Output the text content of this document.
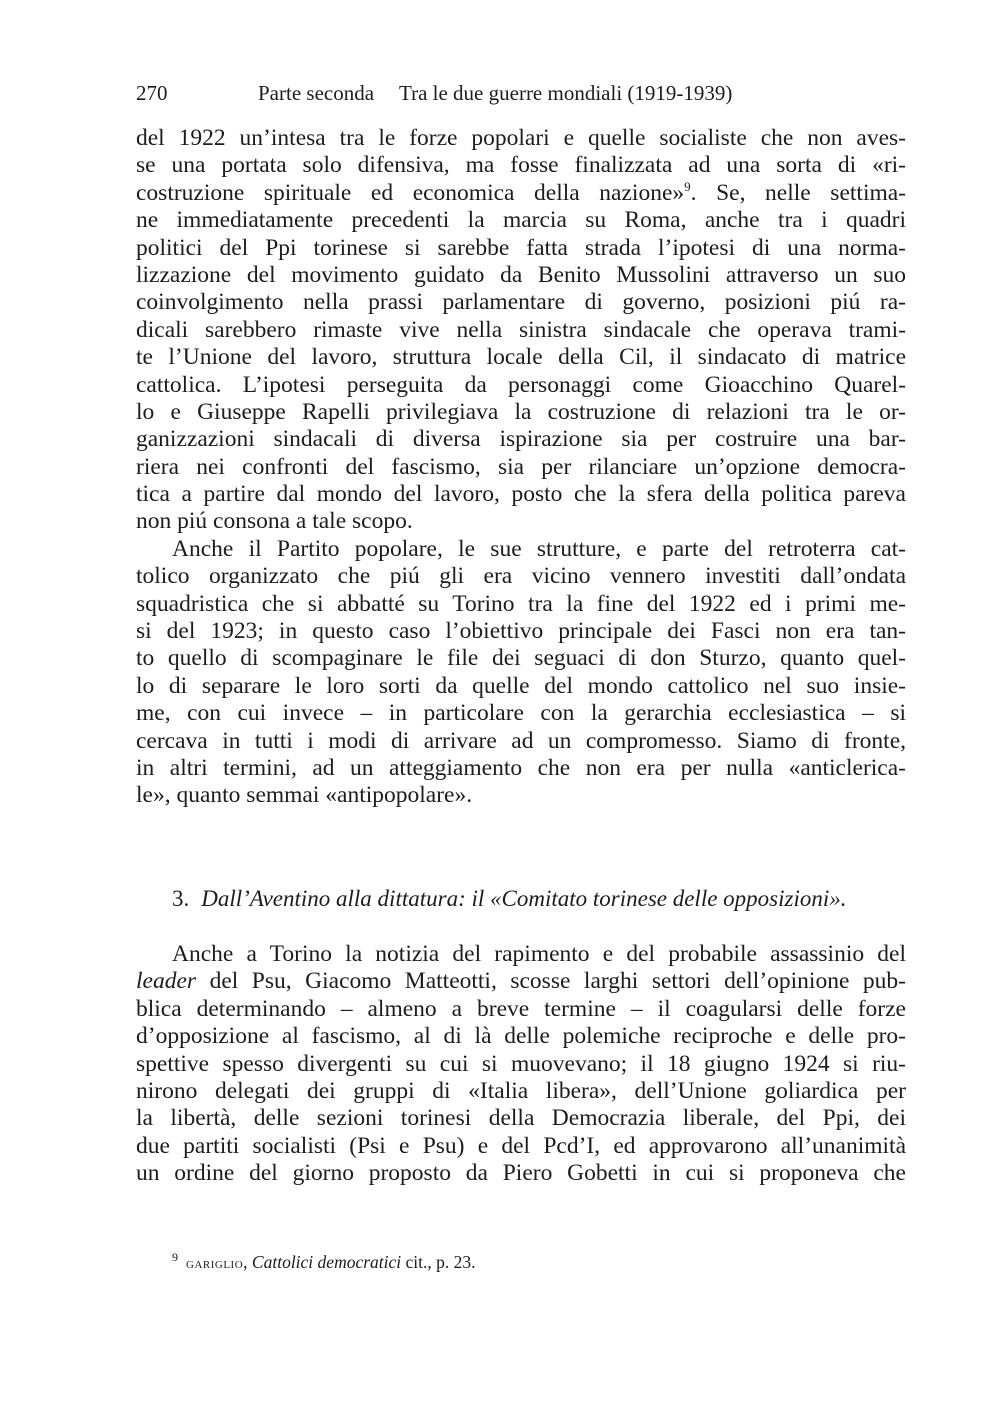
270	Parte seconda Tra le due guerre mondiali (1919-1939)
del 1922 un’intesa tra le forze popolari e quelle socialiste che non aves-
se una portata solo difensiva, ma fosse finalizzata ad una sorta di «ri-
costruzione spirituale ed economica della nazione»$^9$. Se, nelle settima-
ne immediatamente precedenti la marcia su Roma, anche tra i quadri
politici del Ppi torinese si sarebbe fatta strada l’ipotesi di una norma-
lizzazione del movimento guidato da Benito Mussolini attraverso un suo
coinvolgimento nella prassi parlamentare di governo, posizioni piú ra-
dicali sarebbero rimaste vive nella sinistra sindacale che operava trami-
te l’Unione del lavoro, struttura locale della Cil, il sindacato di matrice
cattolica. L’ipotesi perseguita da personaggi come Gioacchino Quarel-
lo e Giuseppe Rapelli privilegiava la costruzione di relazioni tra le or-
ganizzazioni sindacali di diversa ispirazione sia per costruire una bar-
riera nei confronti del fascismo, sia per rilanciare un’opzione democra-
tica a partire dal mondo del lavoro, posto che la sfera della politica pareva
non piú consona a tale scopo.
Anche il Partito popolare, le sue strutture, e parte del retroterra cat-
tolico organizzato che piú gli era vicino vennero investiti dall’ondata
squadristica che si abbatté su Torino tra la fine del 1922 ed i primi me-
si del 1923; in questo caso l’obiettivo principale dei Fasci non era tan-
to quello di scompaginare le file dei seguaci di don Sturzo, quanto quel-
lo di separare le loro sorti da quelle del mondo cattolico nel suo insie-
me, con cui invece – in particolare con la gerarchia ecclesiastica – si
cercava in tutti i modi di arrivare ad un compromesso. Siamo di fronte,
in altri termini, ad un atteggiamento che non era per nulla «anticlerica-
le», quanto semmai «antipopolare».
3. Dall’Aventino alla dittatura: il «Comitato torinese delle opposizioni».
Anche a Torino la notizia del rapimento e del probabile assassinio del
leader del Psu, Giacomo Matteotti, scosse larghi settori dell’opinione pub-
blica determinando – almeno a breve termine – il coagularsi delle forze
d’opposizione al fascismo, al di là delle polemiche reciproche e delle pro-
spettive spesso divergenti su cui si muovevano; il 18 giugno 1924 si riu-
nirono delegati dei gruppi di «Italia libera», dell’Unione goliardica per
la libertà, delle sezioni torinesi della Democrazia liberale, del Ppi, dei
due partiti socialisti (Psi e Psu) e del Pcd’I, ed approvarono all’unanimità
un ordine del giorno proposto da Piero Gobetti in cui si proponeva che
$^9$ gariglio, Cattolici democratici cit., p. 23.
